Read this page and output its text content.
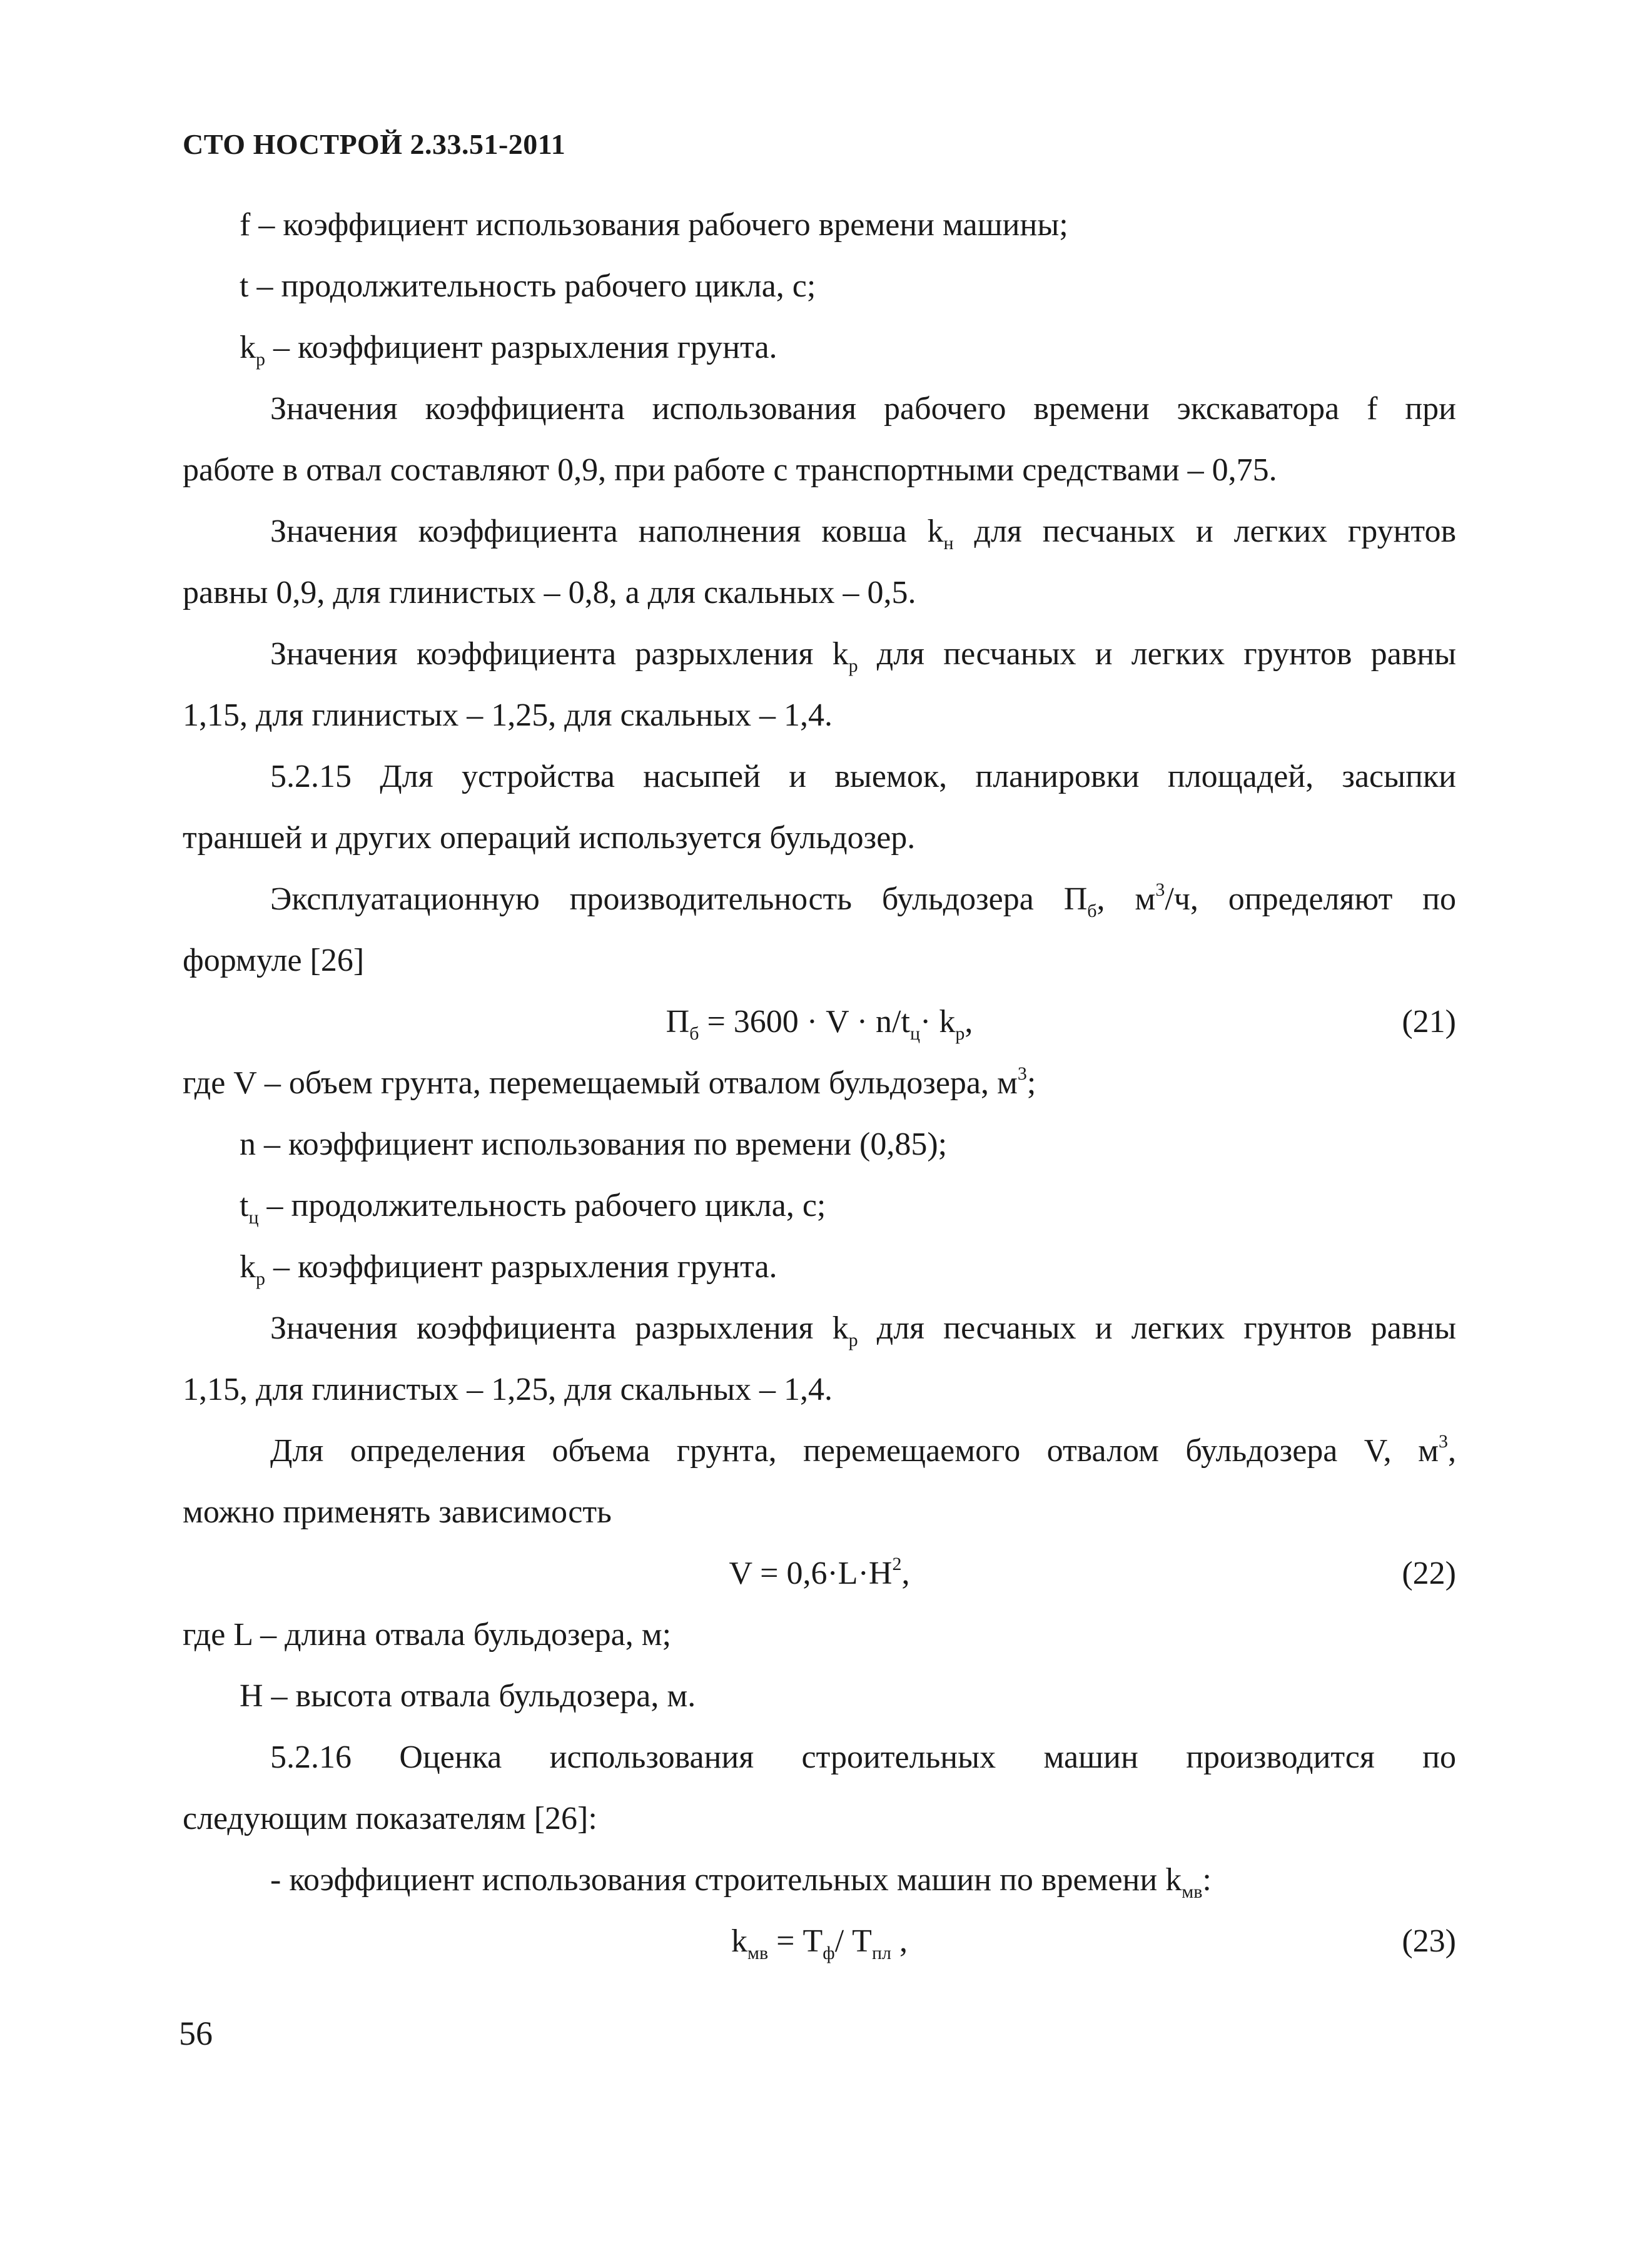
СТО НОСТРОЙ 2.33.51-2011
f – коэффициент использования рабочего времени машины;
t – продолжительность рабочего цикла, с;
$k_р$ – коэффициент разрыхления грунта.
Значения коэффициента использования рабочего времени экскаватора f при
работе в отвал составляют 0,9, при работе с транспортными средствами – 0,75.
Значения коэффициента наполнения ковша $k_н$ для песчаных и легких грунтов
равны 0,9, для глинистых – 0,8, а для скальных – 0,5.
Значения коэффициента разрыхления $k_р$ для песчаных и легких грунтов равны
1,15, для глинистых – 1,25, для скальных – 1,4.
5.2.15 Для устройства насыпей и выемок, планировки площадей, засыпки
траншей и других операций используется бульдозер.
Эксплуатационную производительность бульдозера $П_б$, $м^3/ч$, определяют по
формуле [26]
$П_б = 3600 \cdot V \cdot n/t_ц\cdot k_р$,	(21)
где V – объем грунта, перемещаемый отвалом бульдозера, $м^3$;
n – коэффициент использования по времени (0,85);
$t_ц$ – продолжительность рабочего цикла, с;
$k_р$ – коэффициент разрыхления грунта.
Значения коэффициента разрыхления $k_р$ для песчаных и легких грунтов равны
1,15, для глинистых – 1,25, для скальных – 1,4.
Для определения объема грунта, перемещаемого отвалом бульдозера V, $м^3$,
можно применять зависимость
$V = 0,6\cdot L\cdot H^2$,	(22)
где L – длина отвала бульдозера, м;
H – высота отвала бульдозера, м.
5.2.16 Оценка использования строительных машин производится по
следующим показателям [26]:
- коэффициент использования строительных машин по времени $k_{мв}$:
$k_{мв} = T_ф/$ $T_{пл}$ ,	(23)
56
